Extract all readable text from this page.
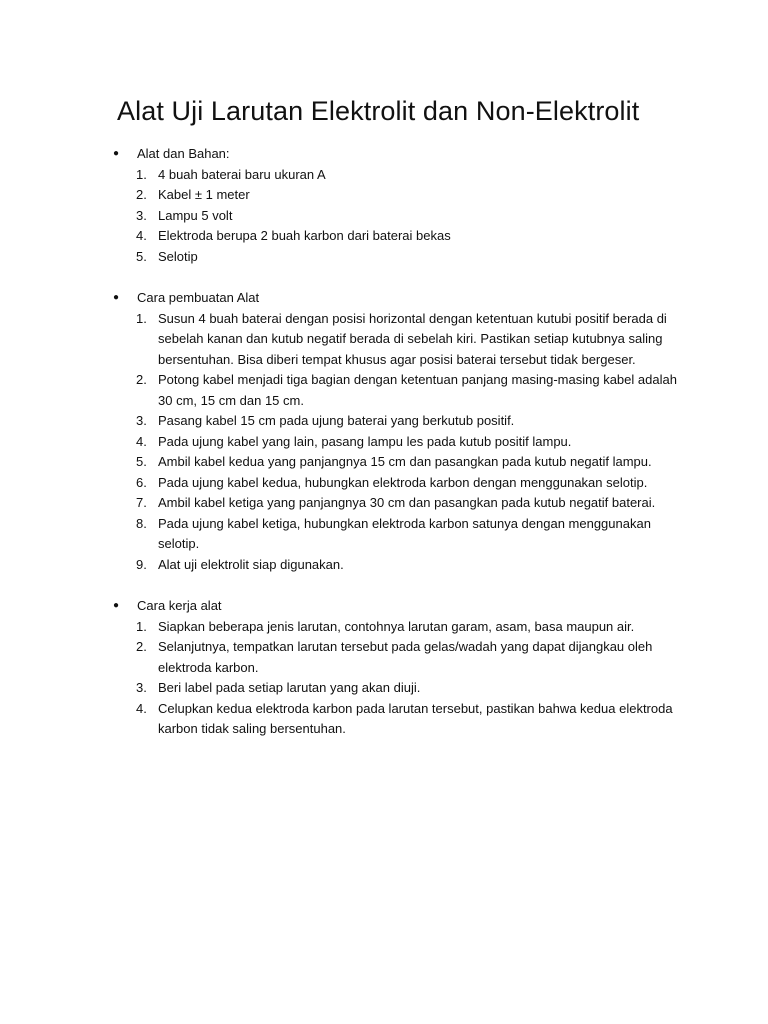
Alat Uji Larutan Elektrolit dan Non-Elektrolit
● Alat dan Bahan:
1. 4 buah baterai baru ukuran A
2. Kabel ± 1 meter
3. Lampu 5 volt
4. Elektroda berupa 2 buah karbon dari baterai bekas
5. Selotip
● Cara pembuatan Alat
1. Susun 4 buah baterai dengan posisi horizontal dengan ketentuan kutubi positif berada di sebelah kanan dan kutub negatif berada di sebelah kiri. Pastikan setiap kutubnya saling bersentuhan. Bisa diberi tempat khusus agar posisi baterai tersebut tidak bergeser.
2. Potong kabel menjadi tiga bagian dengan ketentuan panjang masing-masing kabel adalah 30 cm, 15 cm dan 15 cm.
3. Pasang kabel 15 cm pada ujung baterai yang berkutub positif.
4. Pada ujung kabel yang lain, pasang lampu les pada kutub positif lampu.
5. Ambil kabel kedua yang panjangnya 15 cm dan pasangkan pada kutub negatif lampu.
6. Pada ujung kabel kedua, hubungkan elektroda karbon dengan menggunakan selotip.
7. Ambil kabel ketiga yang panjangnya 30 cm dan pasangkan pada kutub negatif baterai.
8. Pada ujung kabel ketiga, hubungkan elektroda karbon satunya dengan menggunakan selotip.
9. Alat uji elektrolit siap digunakan.
● Cara kerja alat
1. Siapkan beberapa jenis larutan, contohnya larutan garam, asam, basa maupun air.
2. Selanjutnya, tempatkan larutan tersebut pada gelas/wadah yang dapat dijangkau oleh elektroda karbon.
3. Beri label pada setiap larutan yang akan diuji.
4. Celupkan kedua elektroda karbon pada larutan tersebut, pastikan bahwa kedua elektroda karbon tidak saling bersentuhan.
